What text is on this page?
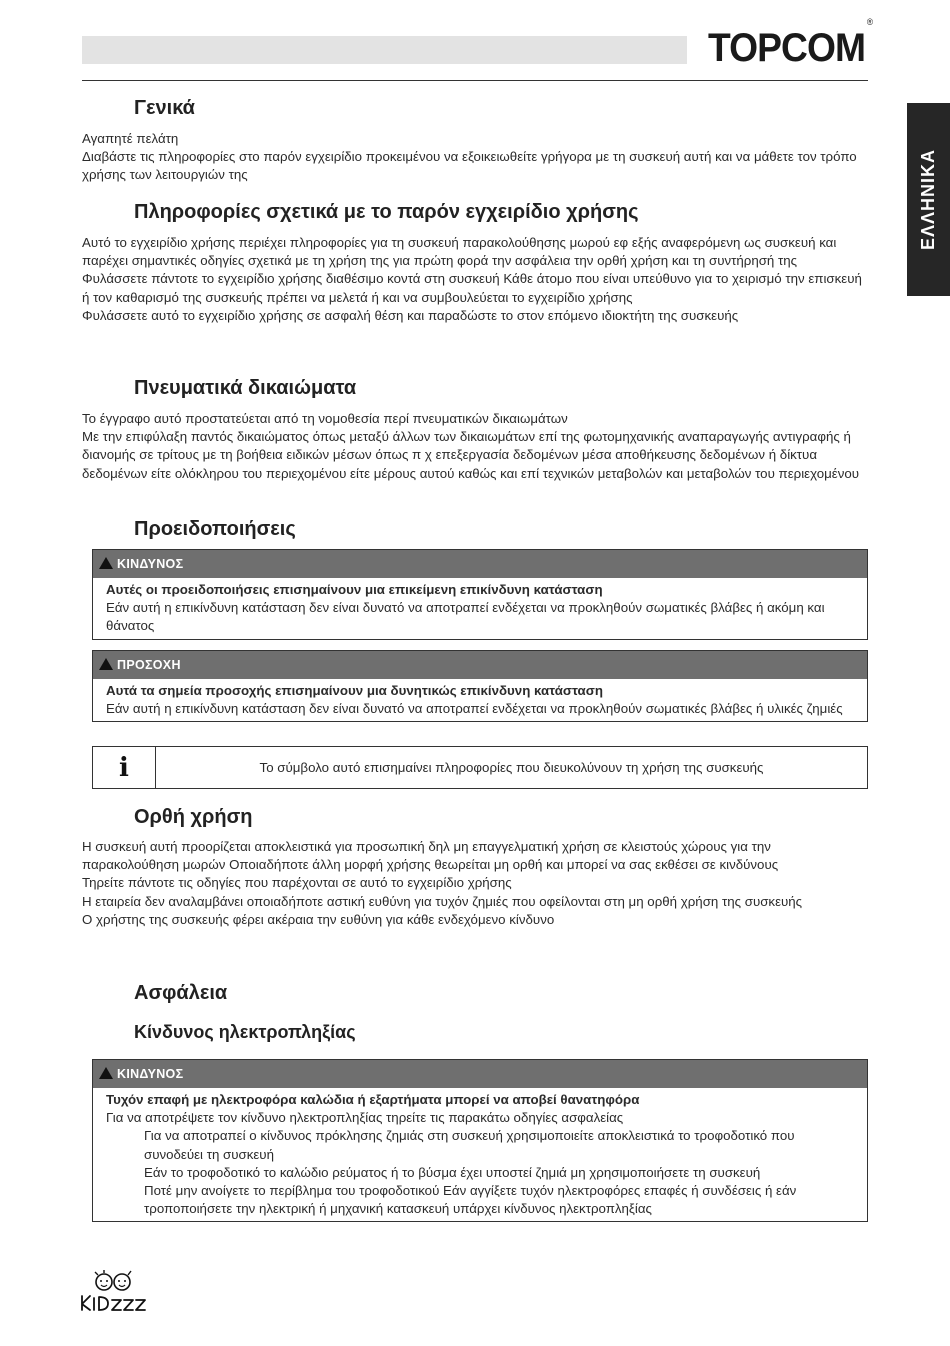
TOPCOM®
ΕΛΛΗΝΙΚΑ
Γενικά

Αγαπητέ πελάτη

Διαβάστε τις πληροφορίες στο παρόν εγχειρίδιο προκειμένου να εξοικειωθείτε γρήγορα με τη συσκευή αυτή και να μάθετε τον τρόπο χρήσης των λειτουργιών της

Πληροφορίες σχετικά με το παρόν εγχειρίδιο χρήσης

Αυτό το εγχειρίδιο χρήσης περιέχει πληροφορίες για τη συσκευή παρακολούθησης μωρού εφ εξής αναφερόμενη ως συσκευή και παρέχει σημαντικές οδηγίες σχετικά με τη χρήση της για πρώτη φορά την ασφάλεια την ορθή χρήση και τη συντήρησή της

Φυλάσσετε πάντοτε το εγχειρίδιο χρήσης διαθέσιμο κοντά στη συσκευή Κάθε άτομο που είναι υπεύθυνο για το χειρισμό την επισκευή ή τον καθαρισμό της συσκευής πρέπει να μελετά ή και να συμβουλεύεται το εγχειρίδιο χρήσης

Φυλάσσετε αυτό το εγχειρίδιο χρήσης σε ασφαλή θέση και παραδώστε το στον επόμενο ιδιοκτήτη της συσκευής

Πνευματικά δικαιώματα

Το έγγραφο αυτό προστατεύεται από τη νομοθεσία περί πνευματικών δικαιωμάτων

Με την επιφύλαξη παντός δικαιώματος όπως μεταξύ άλλων των δικαιωμάτων επί της φωτομηχανικής αναπαραγωγής αντιγραφής ή διανομής σε τρίτους με τη βοήθεια ειδικών μέσων όπως π χ επεξεργασία δεδομένων μέσα αποθήκευσης δεδομένων ή δίκτυα δεδομένων είτε ολόκληρου του περιεχομένου είτε μέρους αυτού καθώς και επί τεχνικών μεταβολών και μεταβολών του περιεχομένου

Προειδοποιήσεις
ΚΙΝΔΥΝΟΣ

Αυτές οι προειδοποιήσεις επισημαίνουν μια επικείμενη επικίνδυνη κατάσταση

Εάν αυτή η επικίνδυνη κατάσταση δεν είναι δυνατό να αποτραπεί ενδέχεται να προκληθούν σωματικές βλάβες ή ακόμη και θάνατος

ΠΡΟΣΟΧΗ

Αυτά τα σημεία προσοχής επισημαίνουν μια δυνητικώς επικίνδυνη κατάσταση

Εάν αυτή η επικίνδυνη κατάσταση δεν είναι δυνατό να αποτραπεί ενδέχεται να προκληθούν σωματικές βλάβες ή υλικές ζημιές

i	Το σύμβολο αυτό επισημαίνει πληροφορίες που διευκολύνουν τη χρήση της συσκευής
Ορθή χρήση

Η συσκευή αυτή προορίζεται αποκλειστικά για προσωπική δηλ μη επαγγελματική χρήση σε κλειστούς χώρους για την παρακολούθηση μωρών Οποιαδήποτε άλλη μορφή χρήσης θεωρείται μη ορθή και μπορεί να σας εκθέσει σε κινδύνους

Τηρείτε πάντοτε τις οδηγίες που παρέχονται σε αυτό το εγχειρίδιο χρήσης

Η εταιρεία δεν αναλαμβάνει οποιαδήποτε αστική ευθύνη για τυχόν ζημιές που οφείλονται στη μη ορθή χρήση της συσκευής

Ο χρήστης της συσκευής φέρει ακέραια την ευθύνη για κάθε ενδεχόμενο κίνδυνο

Ασφάλεια
Κίνδυνος ηλεκτροπληξίας
ΚΙΝΔΥΝΟΣ

Τυχόν επαφή με ηλεκτροφόρα καλώδια ή εξαρτήματα μπορεί να αποβεί θανατηφόρα

Για να αποτρέψετε τον κίνδυνο ηλεκτροπληξίας τηρείτε τις παρακάτω οδηγίες ασφαλείας

Για να αποτραπεί ο κίνδυνος πρόκλησης ζημιάς στη συσκευή χρησιμοποιείτε αποκλειστικά το τροφοδοτικό που συνοδεύει τη συσκευή

Εάν το τροφοδοτικό το καλώδιο ρεύματος ή το βύσμα έχει υποστεί ζημιά μη χρησιμοποιήσετε τη συσκευή

Ποτέ μην ανοίγετε το περίβλημα του τροφοδοτικού Εάν αγγίξετε τυχόν ηλεκτροφόρες επαφές ή συνδέσεις ή εάν τροποποιήσετε την ηλεκτρική ή μηχανική κατασκευή υπάρχει κίνδυνος ηλεκτροπληξίας
